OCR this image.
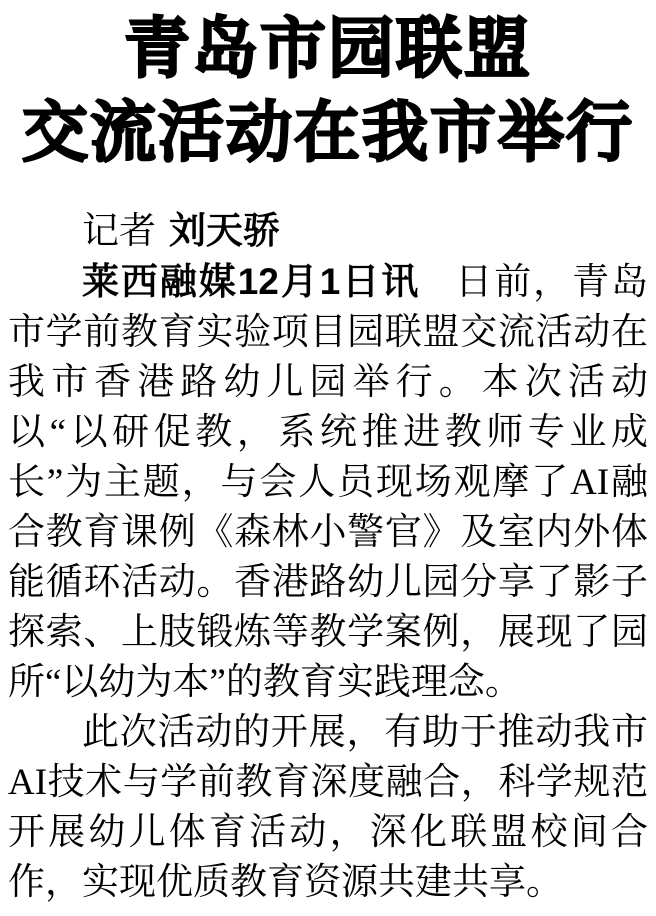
青岛市园联盟
交流活动在我市举行

记者 刘天骄

莱西融媒12月1日讯 日前，青岛市学前教育实验项目园联盟交流活动在我市香港路幼儿园举行。本次活动以“以研促教，系统推进教师专业成长”为主题，与会人员现场观摩了AI融合教育课例《森林小警官》及室内外体能循环活动。香港路幼儿园分享了影子探索、上肢锻炼等教学案例，展现了园所“以幼为本”的教育实践理念。

此次活动的开展，有助于推动我市AI技术与学前教育深度融合，科学规范开展幼儿体育活动，深化联盟校间合作，实现优质教育资源共建共享。
